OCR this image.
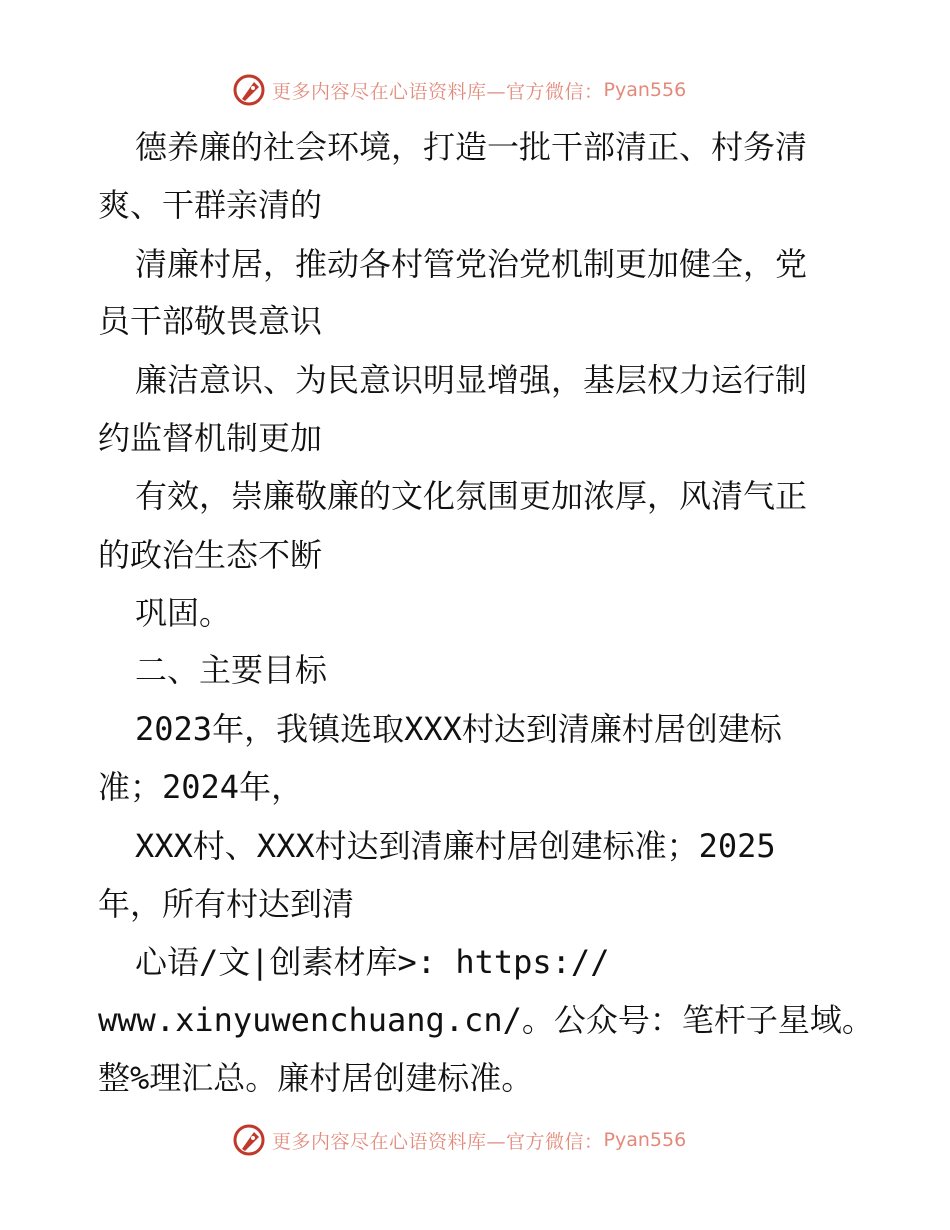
更多内容尽在心语资料库—官方微信： Pyan556
德养廉的社会环境，打造一批干部清正、村务清
爽、干群亲清的
清廉村居，推动各村管党治党机制更加健全，党
员干部敬畏意识
廉洁意识、为民意识明显增强，基层权力运行制
约监督机制更加
有效，崇廉敬廉的文化氛围更加浓厚，风清气正
的政治生态不断
巩固。
二、主要目标
2023年，我镇选取XXX村达到清廉村居创建标
准；2024年，
XXX村、XXX村达到清廉村居创建标准；2025
年，所有村达到清
心语/文|创素材库>: https://
www.xinyuwenchuang.cn/。公众号：笔杆子星域。
整%理汇总。廉村居创建标准。
更多内容尽在心语资料库—官方微信： Pyan556
